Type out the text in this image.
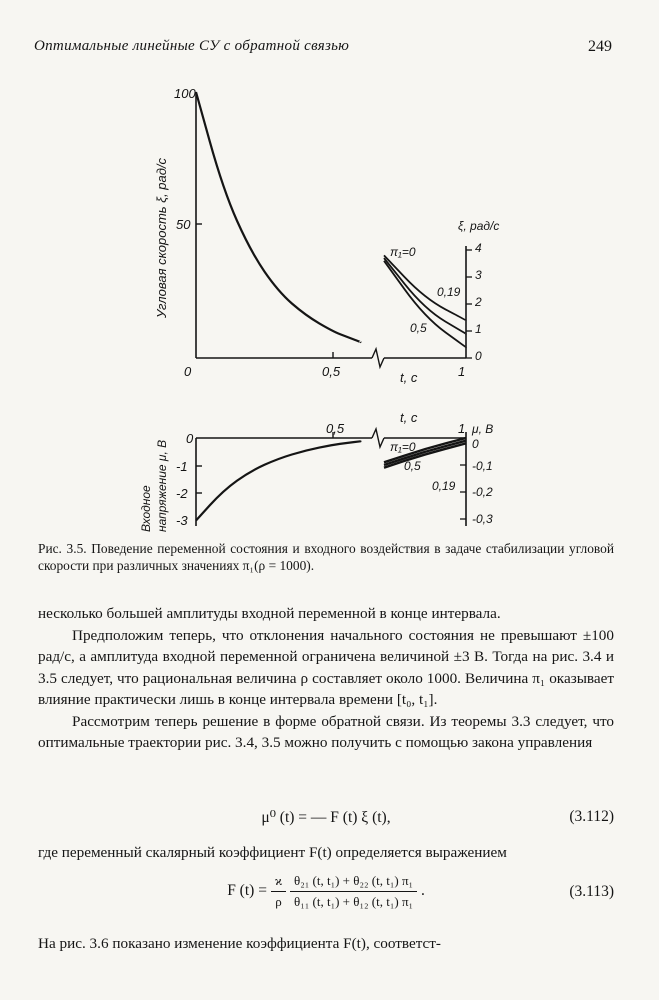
Оптимальные линейные СУ с обратной связью	249
100
50
0	0,5	1
t, с
Угловая скорость ξ, рад/с	ξ, рад/с
4
3
2
1
0
π₁=0
0,19
0,5
0
-1
-2
-3
0,5	1
t, с
Входное напряжение μ, В
μ, В
0
-0,1
-0,2
-0,3
π₁=0
0,5
0,19
Рис. 3.5. Поведение переменной состояния и входного воздействия в задаче стабилизации угловой скорости при различных значениях π₁(ρ = 1000).

несколько большей амплитуды входной переменной в конце интервала.

Предположим теперь, что отклонения начального состояния не превышают ±100 рад/с, а амплитуда входной переменной ограничена величиной ±3 В. Тогда на рис. 3.4 и 3.5 следует, что рациональная величина ρ составляет около 1000. Величина π₁ оказывает влияние практически лишь в конце интервала времени [t₀, t₁].

Рассмотрим теперь решение в форме обратной связи. Из теоремы 3.3 следует, что оптимальные траектории рис. 3.4, 3.5 можно получить с помощью закона управления

μ⁰ (t) = — F (t) ξ (t),	(3.112)

где переменный скалярный коэффициент F(t) определяется выражением

F $(t) = \frac{ϰ}{\rho}$
$\frac{\text{θ₂₁ (t, t₁) + θ₂₂ (t, t₁) π₁}}{\text{θ₁₁ (t, t₁) + θ₁₂ (t, t₁) π₁}}$ .	(3.113)

На рис. 3.6 показано изменение коэффициента F(t), соответст-
